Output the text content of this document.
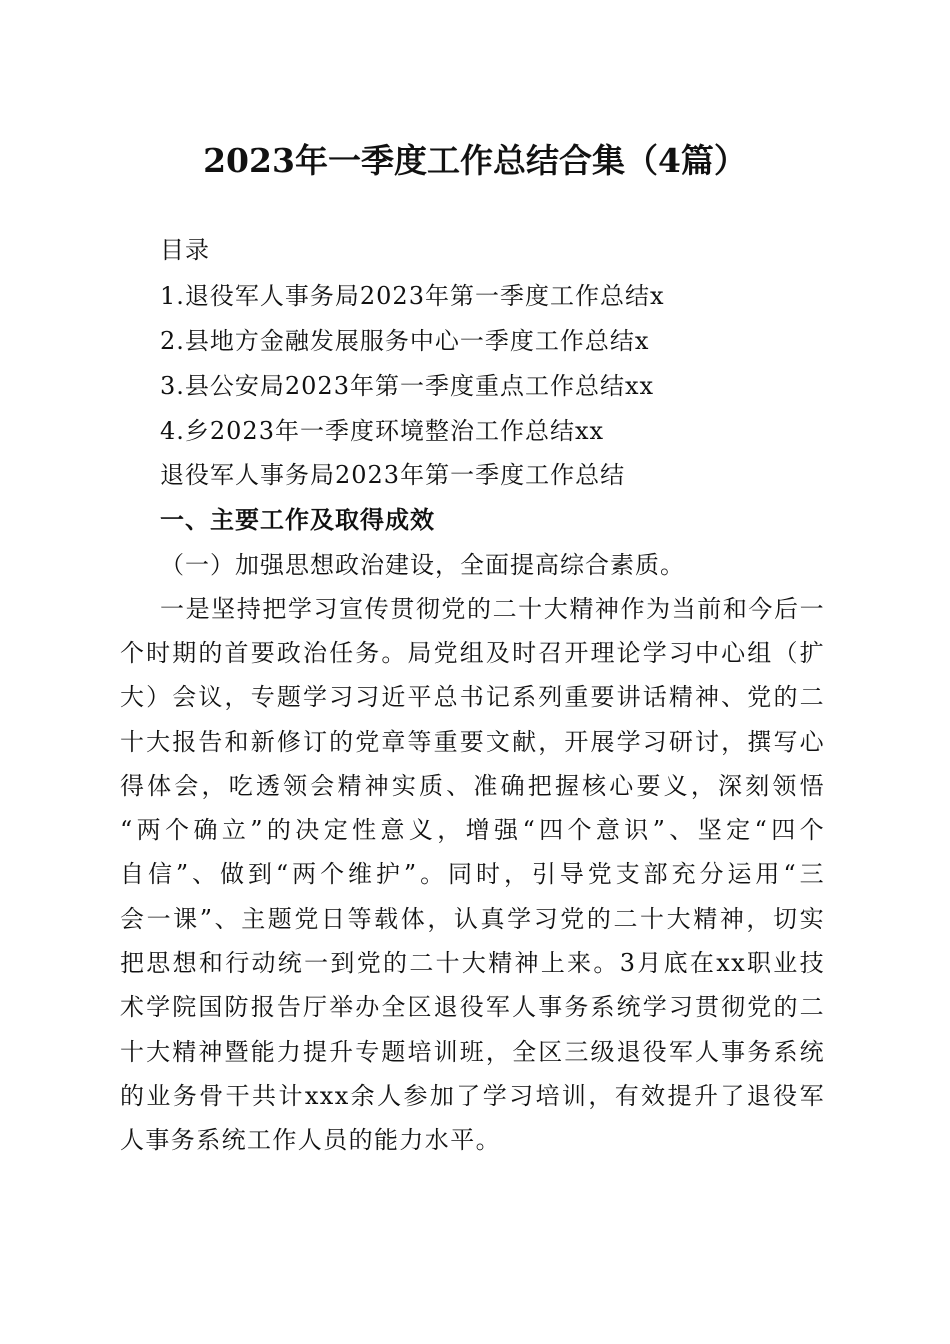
2023年一季度工作总结合集（4篇）
目录
1.退役军人事务局2023年第一季度工作总结x
2.县地方金融发展服务中心一季度工作总结x
3.县公安局2023年第一季度重点工作总结xx
4.乡2023年一季度环境整治工作总结xx
退役军人事务局2023年第一季度工作总结
一、主要工作及取得成效
（一）加强思想政治建设，全面提高综合素质。
一是坚持把学习宣传贯彻党的二十大精神作为当前和今后一
个时期的首要政治任务。局党组及时召开理论学习中心组（扩
大）会议，专题学习习近平总书记系列重要讲话精神、党的二
十大报告和新修订的党章等重要文献，开展学习研讨，撰写心
得体会，吃透领会精神实质、准确把握核心要义，深刻领悟
“两个确立”的决定性意义，增强“四个意识”、坚定“四个
自信”、做到“两个维护”。同时，引导党支部充分运用“三
会一课”、主题党日等载体，认真学习党的二十大精神，切实
把思想和行动统一到党的二十大精神上来。3月底在xx职业技
术学院国防报告厅举办全区退役军人事务系统学习贯彻党的二
十大精神暨能力提升专题培训班，全区三级退役军人事务系统
的业务骨干共计xxx余人参加了学习培训，有效提升了退役军
人事务系统工作人员的能力水平。
